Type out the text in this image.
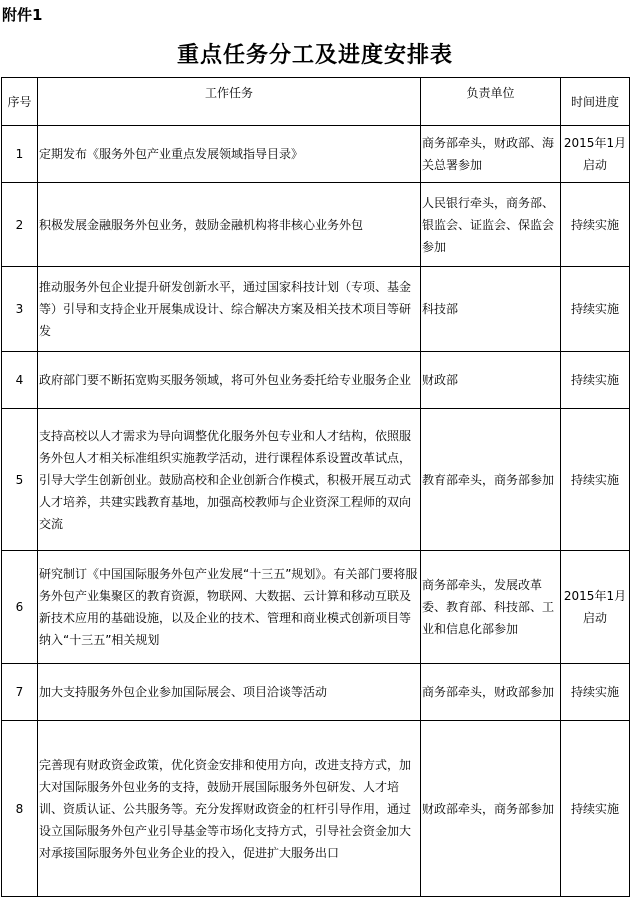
附件1
重点任务分工及进度安排表
序号	工作任务	负责单位	时间进度
1	定期发布《服务外包产业重点发展领域指导目录》	商务部牵头，财政部、海关总署参加	2015年1月启动
2	积极发展金融服务外包业务，鼓励金融机构将非核心业务外包	人民银行牵头，商务部、银监会、证监会、保监会参加	持续实施
3	推动服务外包企业提升研发创新水平，通过国家科技计划（专项、基金等）引导和支持企业开展集成设计、综合解决方案及相关技术项目等研发	科技部	持续实施
4	政府部门要不断拓宽购买服务领域，将可外包业务委托给专业服务企业	财政部	持续实施
5	支持高校以人才需求为导向调整优化服务外包专业和人才结构，依照服务外包人才相关标准组织实施教学活动，进行课程体系设置改革试点，引导大学生创新创业。鼓励高校和企业创新合作模式，积极开展互动式人才培养，共建实践教育基地，加强高校教师与企业资深工程师的双向交流	教育部牵头，商务部参加	持续实施
6	研究制订《中国国际服务外包产业发展“十三五”规划》。有关部门要将服务外包产业集聚区的教育资源，物联网、大数据、云计算和移动互联及新技术应用的基础设施，以及企业的技术、管理和商业模式创新项目等纳入“十三五”相关规划	商务部牵头，发展改革委、教育部、科技部、工业和信息化部参加	2015年1月启动
7	加大支持服务外包企业参加国际展会、项目洽谈等活动	商务部牵头，财政部参加	持续实施
8	完善现有财政资金政策，优化资金安排和使用方向，改进支持方式，加大对国际服务外包业务的支持，鼓励开展国际服务外包研发、人才培训、资质认证、公共服务等。充分发挥财政资金的杠杆引导作用，通过设立国际服务外包产业引导基金等市场化支持方式，引导社会资金加大对承接国际服务外包业务企业的投入，促进扩大服务出口	财政部牵头，商务部参加	持续实施
